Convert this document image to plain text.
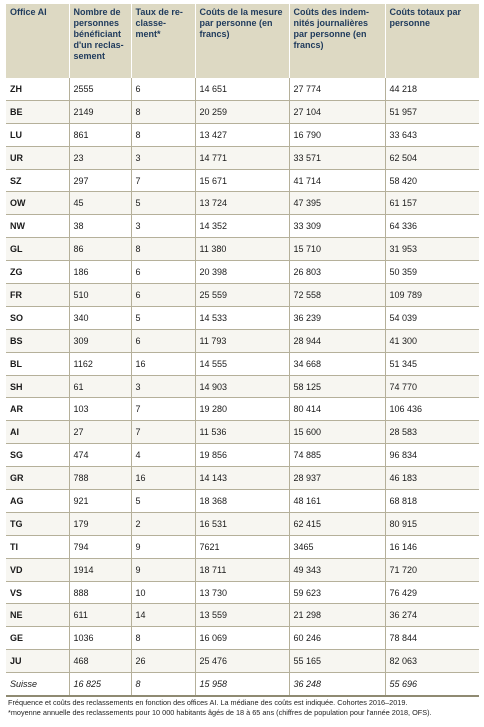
Office AI	Nombre de personnes bénéficiant d'un reclas- sement	Taux de re- classe- ment*	Coûts de la mesure par personne (en francs)	Coûts des indem- nités journalières par personne (en francs)	Coûts totaux par personne
ZH	2555	6	14 651	27 774	44 218
BE	2149	8	20 259	27 104	51 957
LU	861	8	13 427	16 790	33 643
UR	23	3	14 771	33 571	62 504
SZ	297	7	15 671	41 714	58 420
OW	45	5	13 724	47 395	61 157
NW	38	3	14 352	33 309	64 336
GL	86	8	11 380	15 710	31 953
ZG	186	6	20 398	26 803	50 359
FR	510	6	25 559	72 558	109 789
SO	340	5	14 533	36 239	54 039
BS	309	6	11 793	28 944	41 300
BL	1162	16	14 555	34 668	51 345
SH	61	3	14 903	58 125	74 770
AR	103	7	19 280	80 414	106 436
AI	27	7	11 536	15 600	28 583
SG	474	4	19 856	74 885	96 834
GR	788	16	14 143	28 937	46 183
AG	921	5	18 368	48 161	68 818
TG	179	2	16 531	62 415	80 915
TI	794	9	7621	3465	16 146
VD	1914	9	18 711	49 343	71 720
VS	888	10	13 730	59 623	76 429
NE	611	14	13 559	21 298	36 274
GE	1036	8	16 069	60 246	78 844
JU	468	26	25 476	55 165	82 063
Suisse	16 825	8	15 958	36 248	55 696
Fréquence et coûts des reclassements en fonction des offices AI. La médiane des coûts est indiquée. Cohortes 2016–2019.
*moyenne annuelle des reclassements pour 10 000 habitants âgés de 18 à 65 ans (chiffres de population pour l'année 2018, OFS).
